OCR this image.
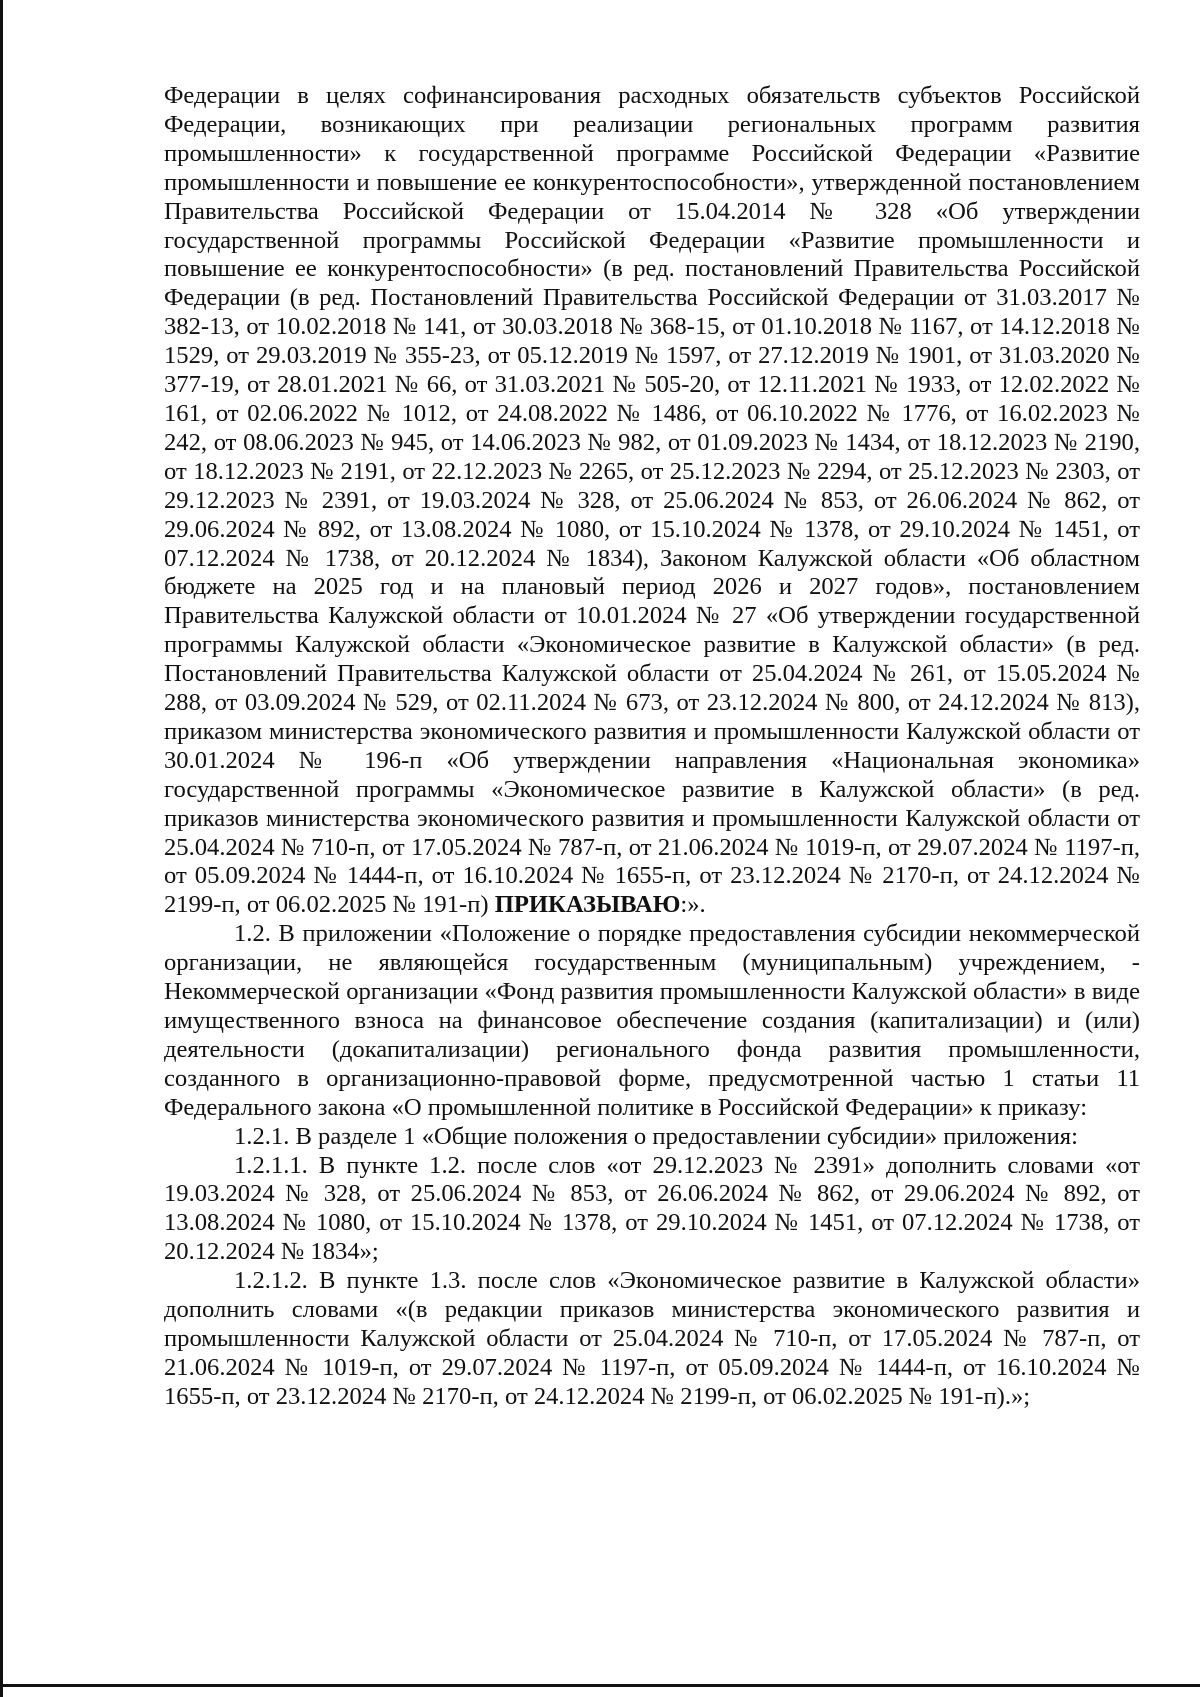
Федерации в целях софинансирования расходных обязательств субъектов Российской Федерации, возникающих при реализации региональных программ развития промышленности» к государственной программе Российской Федерации «Развитие промышленности и повышение ее конкурентоспособности», утвержденной постановлением Правительства Российской Федерации от 15.04.2014 № 328 «Об утверждении государственной программы Российской Федерации «Развитие промышленности и повышение ее конкурентоспособности» (в ред. постановлений Правительства Российской Федерации (в ред. Постановлений Правительства Российской Федерации от 31.03.2017 № 382-13, от 10.02.2018 № 141, от 30.03.2018 № 368-15, от 01.10.2018 № 1167, от 14.12.2018 № 1529, от 29.03.2019 № 355-23, от 05.12.2019 № 1597, от 27.12.2019 № 1901, от 31.03.2020 № 377-19, от 28.01.2021 № 66, от 31.03.2021 № 505-20, от 12.11.2021 № 1933, от 12.02.2022 № 161, от 02.06.2022 № 1012, от 24.08.2022 № 1486, от 06.10.2022 № 1776, от 16.02.2023 № 242, от 08.06.2023 № 945, от 14.06.2023 № 982, от 01.09.2023 № 1434, от 18.12.2023 № 2190, от 18.12.2023 № 2191, от 22.12.2023 № 2265, от 25.12.2023 № 2294, от 25.12.2023 № 2303, от 29.12.2023 № 2391, от 19.03.2024 № 328, от 25.06.2024 № 853, от 26.06.2024 № 862, от 29.06.2024 № 892, от 13.08.2024 № 1080, от 15.10.2024 № 1378, от 29.10.2024 № 1451, от 07.12.2024 № 1738, от 20.12.2024 № 1834), Законом Калужской области «Об областном бюджете на 2025 год и на плановый период 2026 и 2027 годов», постановлением Правительства Калужской области от 10.01.2024 № 27 «Об утверждении государственной программы Калужской области «Экономическое развитие в Калужской области» (в ред. Постановлений Правительства Калужской области от 25.04.2024 № 261, от 15.05.2024 № 288, от 03.09.2024 № 529, от 02.11.2024 № 673, от 23.12.2024 № 800, от 24.12.2024 № 813), приказом министерства экономического развития и промышленности Калужской области от 30.01.2024 № 196-п «Об утверждении направления «Национальная экономика» государственной программы «Экономическое развитие в Калужской области» (в ред. приказов министерства экономического развития и промышленности Калужской области от 25.04.2024 № 710-п, от 17.05.2024 № 787-п, от 21.06.2024 № 1019-п, от 29.07.2024 № 1197-п, от 05.09.2024 № 1444-п, от 16.10.2024 № 1655-п, от 23.12.2024 № 2170-п, от 24.12.2024 № 2199-п, от 06.02.2025 № 191-п) ПРИКАЗЫВАЮ:».

1.2. В приложении «Положение о порядке предоставления субсидии некоммерческой организации, не являющейся государственным (муниципальным) учреждением, - Некоммерческой организации «Фонд развития промышленности Калужской области» в виде имущественного взноса на финансовое обеспечение создания (капитализации) и (или) деятельности (докапитализации) регионального фонда развития промышленности, созданного в организационно-правовой форме, предусмотренной частью 1 статьи 11 Федерального закона «О промышленной политике в Российской Федерации» к приказу:

1.2.1. В разделе 1 «Общие положения о предоставлении субсидии» приложения:

1.2.1.1. В пункте 1.2. после слов «от 29.12.2023 № 2391» дополнить словами «от 19.03.2024 № 328, от 25.06.2024 № 853, от 26.06.2024 № 862, от 29.06.2024 № 892, от 13.08.2024 № 1080, от 15.10.2024 № 1378, от 29.10.2024 № 1451, от 07.12.2024 № 1738, от 20.12.2024 № 1834»;

1.2.1.2. В пункте 1.3. после слов «Экономическое развитие в Калужской области» дополнить словами «(в редакции приказов министерства экономического развития и промышленности Калужской области от 25.04.2024 № 710-п, от 17.05.2024 № 787-п, от 21.06.2024 № 1019-п, от 29.07.2024 № 1197-п, от 05.09.2024 № 1444-п, от 16.10.2024 № 1655-п, от 23.12.2024 № 2170-п, от 24.12.2024 № 2199-п, от 06.02.2025 № 191-п).»;
